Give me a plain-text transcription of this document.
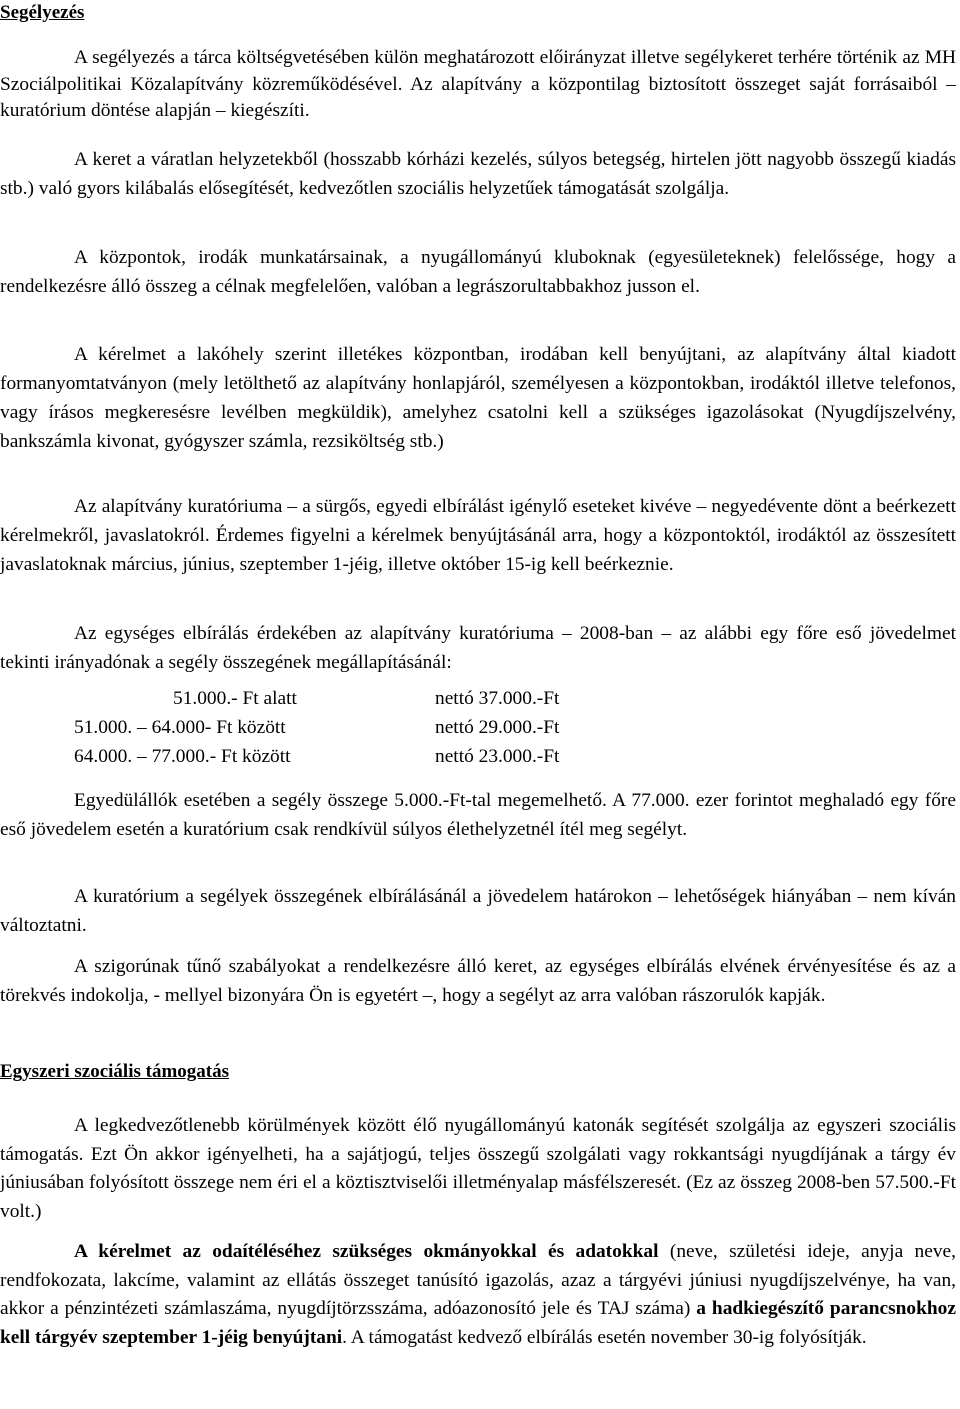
Segélyezés

A segélyezés a tárca költségvetésében külön meghatározott előirányzat illetve segélykeret terhére történik az MH Szociálpolitikai Közalapítvány közreműködésével. Az alapítvány a központilag biztosított összeget saját forrásaiból – kuratórium döntése alapján – kiegészíti.

A keret a váratlan helyzetekből (hosszabb kórházi kezelés, súlyos betegség, hirtelen jött nagyobb összegű kiadás stb.) való gyors kilábalás elősegítését, kedvezőtlen szociális helyzetűek támogatását szolgálja.

A központok, irodák munkatársainak, a nyugállományú kluboknak (egyesületeknek) felelőssége, hogy a rendelkezésre álló összeg a célnak megfelelően, valóban a legrászorultabbakhoz jusson el.

A kérelmet a lakóhely szerint illetékes központban, irodában kell benyújtani, az alapítvány által kiadott formanyomtatványon (mely letölthető az alapítvány honlapjáról, személyesen a központokban, irodáktól illetve telefonos, vagy írásos megkeresésre levélben megküldik), amelyhez csatolni kell a szükséges igazolásokat (Nyugdíjszelvény, bankszámla kivonat, gyógyszer számla, rezsiköltség stb.)

Az alapítvány kuratóriuma – a sürgős, egyedi elbírálást igénylő eseteket kivéve – negyedévente dönt a beérkezett kérelmekről, javaslatokról. Érdemes figyelni a kérelmek benyújtásánál arra, hogy a központoktól, irodáktól az összesített javaslatoknak március, június, szeptember 1-jéig, illetve október 15-ig kell beérkeznie.

Az egységes elbírálás érdekében az alapítvány kuratóriuma – 2008-ban – az alábbi egy főre eső jövedelmet tekinti irányadónak a segély összegének megállapításánál:

51.000.- Ft alatt	nettó 37.000.-Ft
51.000. – 64.000- Ft között	nettó 29.000.-Ft
64.000. – 77.000.- Ft között	nettó 23.000.-Ft

Egyedülállók esetében a segély összege 5.000.-Ft-tal megemelhető. A 77.000. ezer forintot meghaladó egy főre eső jövedelem esetén a kuratórium csak rendkívül súlyos élethelyzetnél ítél meg segélyt.

A kuratórium a segélyek összegének elbírálásánál a jövedelem határokon – lehetőségek hiányában – nem kíván változtatni.

A szigorúnak tűnő szabályokat a rendelkezésre álló keret, az egységes elbírálás elvének érvényesítése és az a törekvés indokolja, - mellyel bizonyára Ön is egyetért –, hogy a segélyt az arra valóban rászorulók kapják.

Egyszeri szociális támogatás

A legkedvezőtlenebb körülmények között élő nyugállományú katonák segítését szolgálja az egyszeri szociális támogatás. Ezt Ön akkor igényelheti, ha a sajátjogú, teljes összegű szolgálati vagy rokkantsági nyugdíjának a tárgy év júniusában folyósított összege nem éri el a köztisztviselői illetményalap másfélszeresét. (Ez az összeg 2008-ben 57.500.-Ft volt.)

A kérelmet az odaítéléséhez szükséges okmányokkal és adatokkal (neve, születési ideje, anyja neve, rendfokozata, lakcíme, valamint az ellátás összeget tanúsító igazolás, azaz a tárgyévi júniusi nyugdíjszelvénye, ha van, akkor a pénzintézeti számlaszáma, nyugdíjtörzsszáma, adóazonosító jele és TAJ száma) a hadkiegészítő parancsnokhoz kell tárgyév szeptember 1-jéig benyújtani. A támogatást kedvező elbírálás esetén november 30-ig folyósítják.
